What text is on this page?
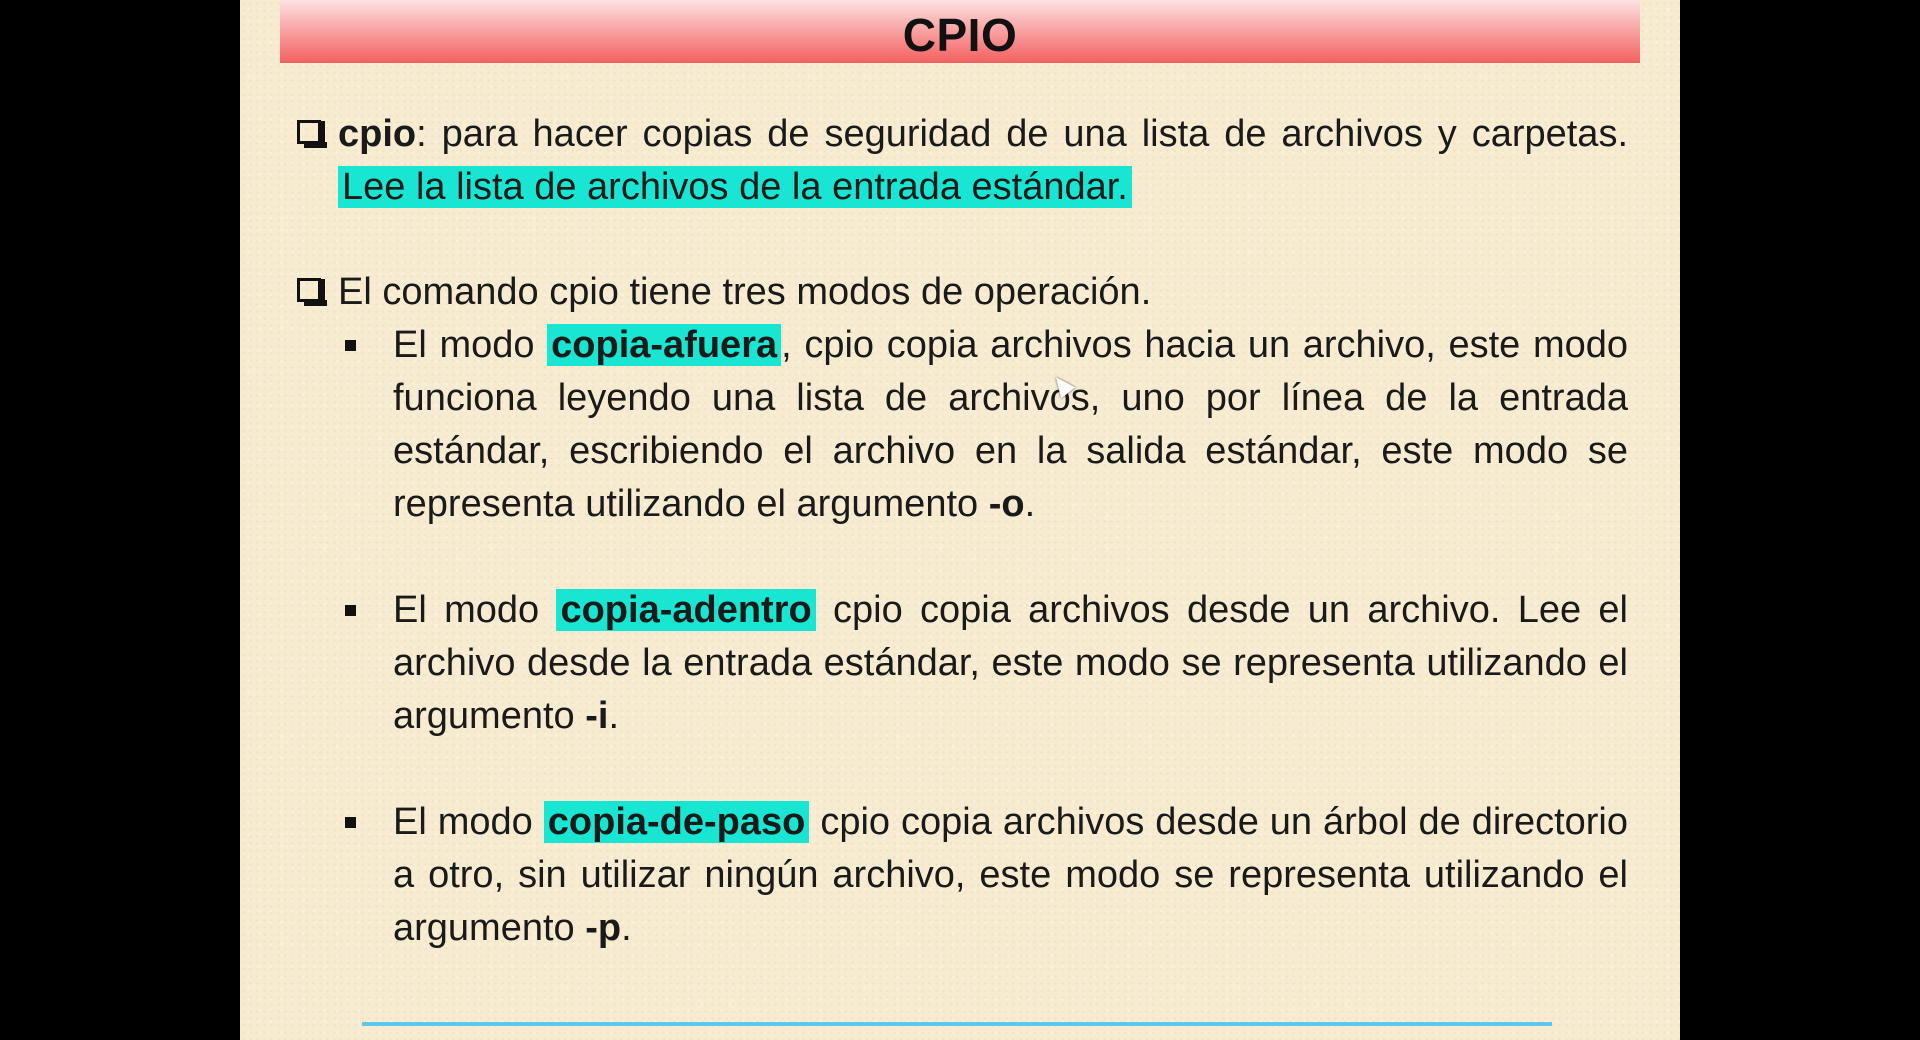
CPIO
cpio: para hacer copias de seguridad de una lista de archivos y carpetas. Lee la lista de archivos de la entrada estándar.
El comando cpio tiene tres modos de operación.
El modo copia-afuera , cpio copia archivos hacia un archivo, este modo funciona leyendo una lista de archivos, uno por línea de la entrada estándar, escribiendo el archivo en la salida estándar, este modo se representa utilizando el argumento -o.
El modo copia-adentro cpio copia archivos desde un archivo. Lee el archivo desde la entrada estándar, este modo se representa utilizando el argumento -i.
El modo copia-de-paso cpio copia archivos desde un árbol de directorio a otro, sin utilizar ningún archivo, este modo se representa utilizando el argumento -p.
